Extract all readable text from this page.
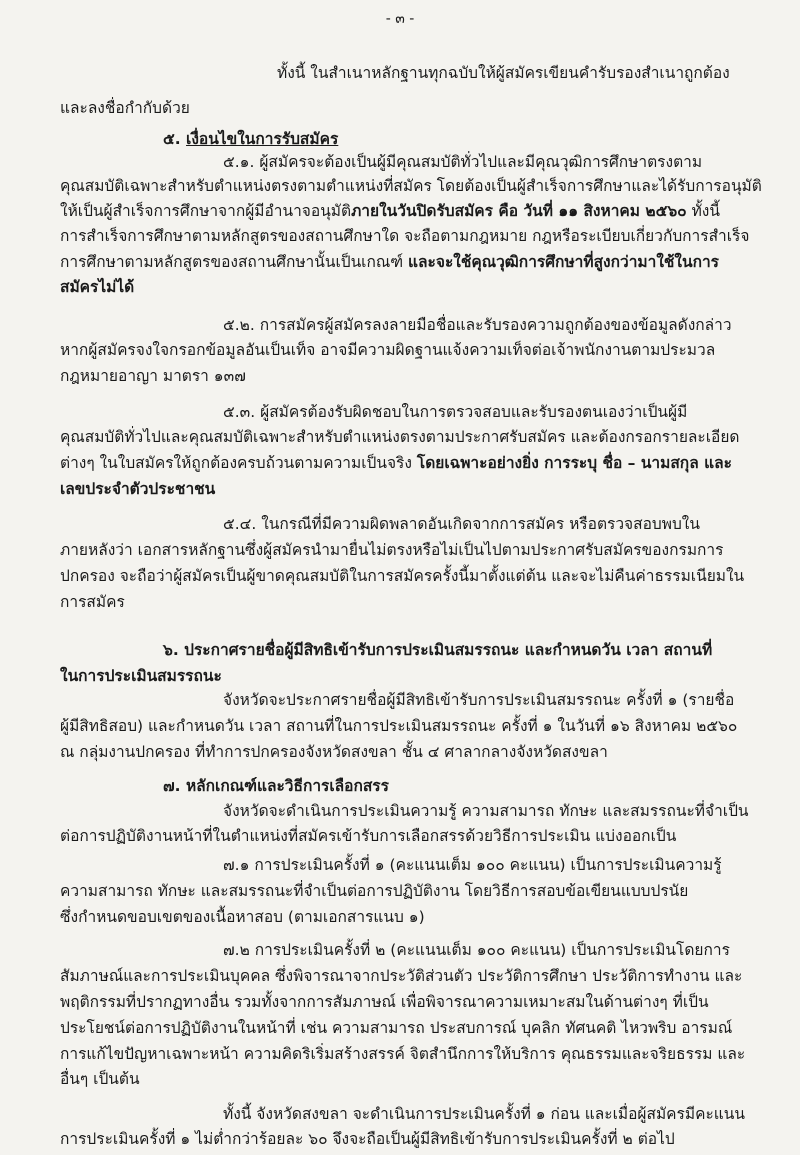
- ๓ -
ทั้งนี้ ในสำเนาหลักฐานทุกฉบับให้ผู้สมัครเขียนคำรับรองสำเนาถูกต้อง
และลงชื่อกำกับด้วย
๕. เงื่อนไขในการรับสมัคร
๕.๑. ผู้สมัครจะต้องเป็นผู้มีคุณสมบัติทั่วไปและมีคุณวุฒิการศึกษาตรงตาม
คุณสมบัติเฉพาะสำหรับตำแหน่งตรงตามตำแหน่งที่สมัคร โดยต้องเป็นผู้สำเร็จการศึกษาและได้รับการอนุมัติ
ให้เป็นผู้สำเร็จการศึกษาจากผู้มีอำนาจอนุมัติภายในวันปิดรับสมัคร คือ วันที่ ๑๑ สิงหาคม ๒๕๖๐ ทั้งนี้
การสำเร็จการศึกษาตามหลักสูตรของสถานศึกษาใด จะถือตามกฎหมาย กฎหรือระเบียบเกี่ยวกับการสำเร็จ
การศึกษาตามหลักสูตรของสถานศึกษานั้นเป็นเกณฑ์ และจะใช้คุณวุฒิการศึกษาที่สูงกว่ามาใช้ในการ
สมัครไม่ได้
๕.๒. การสมัครผู้สมัครลงลายมือชื่อและรับรองความถูกต้องของข้อมูลดังกล่าว
หากผู้สมัครจงใจกรอกข้อมูลอันเป็นเท็จ อาจมีความผิดฐานแจ้งความเท็จต่อเจ้าพนักงานตามประมวล
กฎหมายอาญา มาตรา ๑๓๗
๕.๓. ผู้สมัครต้องรับผิดชอบในการตรวจสอบและรับรองตนเองว่าเป็นผู้มี
คุณสมบัติทั่วไปและคุณสมบัติเฉพาะสำหรับตำแหน่งตรงตามประกาศรับสมัคร และต้องกรอกรายละเอียด
ต่างๆ ในใบสมัครให้ถูกต้องครบถ้วนตามความเป็นจริง โดยเฉพาะอย่างยิ่ง การระบุ ชื่อ – นามสกุล และ
เลขประจำตัวประชาชน
๕.๔. ในกรณีที่มีความผิดพลาดอันเกิดจากการสมัคร หรือตรวจสอบพบใน
ภายหลังว่า เอกสารหลักฐานซึ่งผู้สมัครนำมายื่นไม่ตรงหรือไม่เป็นไปตามประกาศรับสมัครของกรมการ
ปกครอง จะถือว่าผู้สมัครเป็นผู้ขาดคุณสมบัติในการสมัครครั้งนี้มาตั้งแต่ต้น และจะไม่คืนค่าธรรมเนียมใน
การสมัคร
๖. ประกาศรายชื่อผู้มีสิทธิเข้ารับการประเมินสมรรถนะ และกำหนดวัน เวลา สถานที่
ในการประเมินสมรรถนะ
จังหวัดจะประกาศรายชื่อผู้มีสิทธิเข้ารับการประเมินสมรรถนะ ครั้งที่ ๑ (รายชื่อ
ผู้มีสิทธิสอบ) และกำหนดวัน เวลา สถานที่ในการประเมินสมรรถนะ ครั้งที่ ๑ ในวันที่ ๑๖ สิงหาคม ๒๕๖๐
ณ กลุ่มงานปกครอง ที่ทำการปกครองจังหวัดสงขลา ชั้น ๔ ศาลากลางจังหวัดสงขลา
๗. หลักเกณฑ์และวิธีการเลือกสรร
จังหวัดจะดำเนินการประเมินความรู้ ความสามารถ ทักษะ และสมรรถนะที่จำเป็น
ต่อการปฏิบัติงานหน้าที่ในตำแหน่งที่สมัครเข้ารับการเลือกสรรด้วยวิธีการประเมิน แบ่งออกเป็น
๗.๑ การประเมินครั้งที่ ๑ (คะแนนเต็ม ๑๐๐ คะแนน) เป็นการประเมินความรู้
ความสามารถ ทักษะ และสมรรถนะที่จำเป็นต่อการปฏิบัติงาน โดยวิธีการสอบข้อเขียนแบบปรนัย
ซึ่งกำหนดขอบเขตของเนื้อหาสอบ (ตามเอกสารแนบ ๑)
๗.๒ การประเมินครั้งที่ ๒ (คะแนนเต็ม ๑๐๐ คะแนน) เป็นการประเมินโดยการ
สัมภาษณ์และการประเมินบุคคล ซึ่งพิจารณาจากประวัติส่วนตัว ประวัติการศึกษา ประวัติการทำงาน และ
พฤติกรรมที่ปรากฏทางอื่น รวมทั้งจากการสัมภาษณ์ เพื่อพิจารณาความเหมาะสมในด้านต่างๆ ที่เป็น
ประโยชน์ต่อการปฏิบัติงานในหน้าที่ เช่น ความสามารถ ประสบการณ์ บุคลิก ทัศนคติ ไหวพริบ อารมณ์
การแก้ไขปัญหาเฉพาะหน้า ความคิดริเริ่มสร้างสรรค์ จิตสำนึกการให้บริการ คุณธรรมและจริยธรรม และ
อื่นๆ เป็นต้น
ทั้งนี้ จังหวัดสงขลา จะดำเนินการประเมินครั้งที่ ๑ ก่อน และเมื่อผู้สมัครมีคะแนน
การประเมินครั้งที่ ๑ ไม่ต่ำกว่าร้อยละ ๖๐ จึงจะถือเป็นผู้มีสิทธิเข้ารับการประเมินครั้งที่ ๒ ต่อไป
